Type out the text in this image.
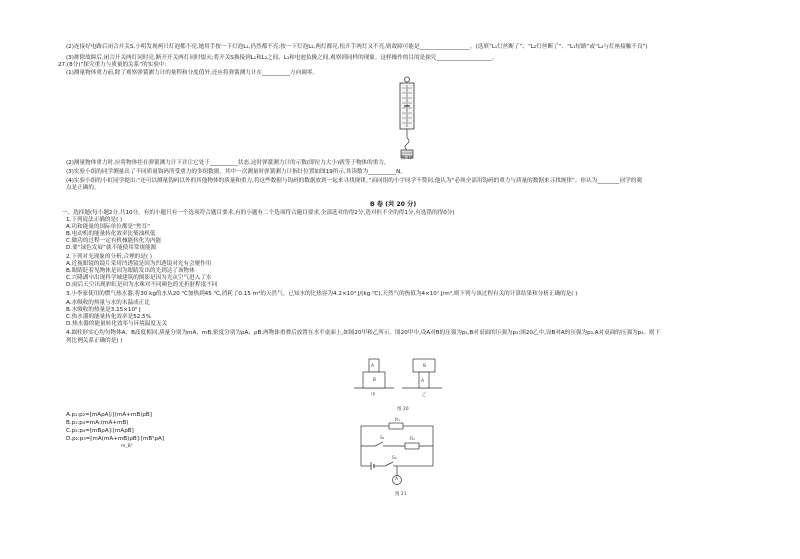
(2)连接好电路后闭合开关S,小明发现两只灯泡都不亮,她用手按一下灯泡L₁,仍然都不亮;按一下灯泡L₂,两灯都亮,松开手两灯又不亮,则故障可能是__________________。(选填“L₁灯丝断了”、“L₂灯丝断了”、“L₁短路”或“L₂与灯座接触不良”)
(3)排除故障后,闭合开关两灯同时亮,断开开关两灯同时熄灭;将开关S换接到L₁和L₂之间、L₁和电池负极之间,观察到同样的现象。这样操作的目的是探究____________________。
27.(8分)“探究重力与质量的关系”的实验中:
(1)测量物体重力前,除了观察弹簧测力计的量程和分度值外,还应将弹簧测力计在__________方向调零。
图 19
(2)测量物体重力时,应将物体挂在弹簧测力计下并让它处于__________状态,这时弹簧测力计的示数(即拉力大小)就等于物体的重力。
(3)实验小组的同学测量出了不同质量钩码所受重力的多组数据。其中一次测量时弹簧测力计指针位置如图19所示,其读数为__________N。
(4)实验小组的小虹同学提出:“还可以测量钩码以外的其他物体的质量和重力,将这些数据与钩码的数据放到一起来寻找规律。”而同组的小宇同学不赞同,他认为“必须全部用钩码的重力与质量的数据来寻找规律”。你认为________同学的观
点是正确的。
B 卷 (共 20 分)
一、选择题(每小题2分,共10分。有的小题只有一个选项符合题目要求,有的小题有二个选项符合题目要求,全部选对的得2分,选对但不全的得1分,有选错的得0分)
1.下列说法正确的是( )
A.功和能量的国际单位都是“焦耳”
B.电动机的能量转化效率比柴油机低
C.做功的过程一定有机械能转化为内能
D.要“绿色发展”就不能使用常规能源
2.下列对光现象的分析,合理的是( )
A.近视眼镜的镜片采用凹透镜是因为凹透镜对光有会聚作用
B.眼睛眨着见物体是因为眼睛发出的光到达了该物体
C.兴隆湖中出现科学城建筑的倒影是因为光从空气进入了水
D.雨后天空出现彩虹是因为水珠对不同颜色的光折射程度不同
3.小李家使用的燃气热水器,将30 kg的水从20 ℃加热到45 ℃,消耗了0.15 m³的天然气。已知水的比热容为4.2×10³ J/(kg·℃),天然气的热值为4×10⁷ J/m³,则下列与该过程有关的计算结果和分析正确的是( )
A.水吸收的热量与水的末温成正比
B.水吸收的热量是3.15×10⁵ J
C.热水器的能量转化效率是52.5%
D.热水器的能量转化效率与环境温度无关
4.圆柱形实心均匀物体A、B高度相同,质量分别为mA、mB,密度分别为ρA、ρB,两物体重叠后放置在水平桌面上,如图20甲和乙所示。图20甲中,设A对B的压强为p₁,B对桌面的压强为p₂;图20乙中,设B对A的压强为p₃,A对桌面的压强为p₄。则下
列比例关系正确的是( )
A
B
B
A
甲	乙
图 20
A.p₁:p₂=[mAρA]:[(mA+mB)ρB]
B.p₁:p₄=mA:(mA+mB)
C.p₂:p₄=[mBρA]:[mAρB]
D.p₂:p₃=[mA(mA+mB)ρB]:[mB²ρA]
m_B²
R₁
R₂
S₁
S₂
A
图 21
